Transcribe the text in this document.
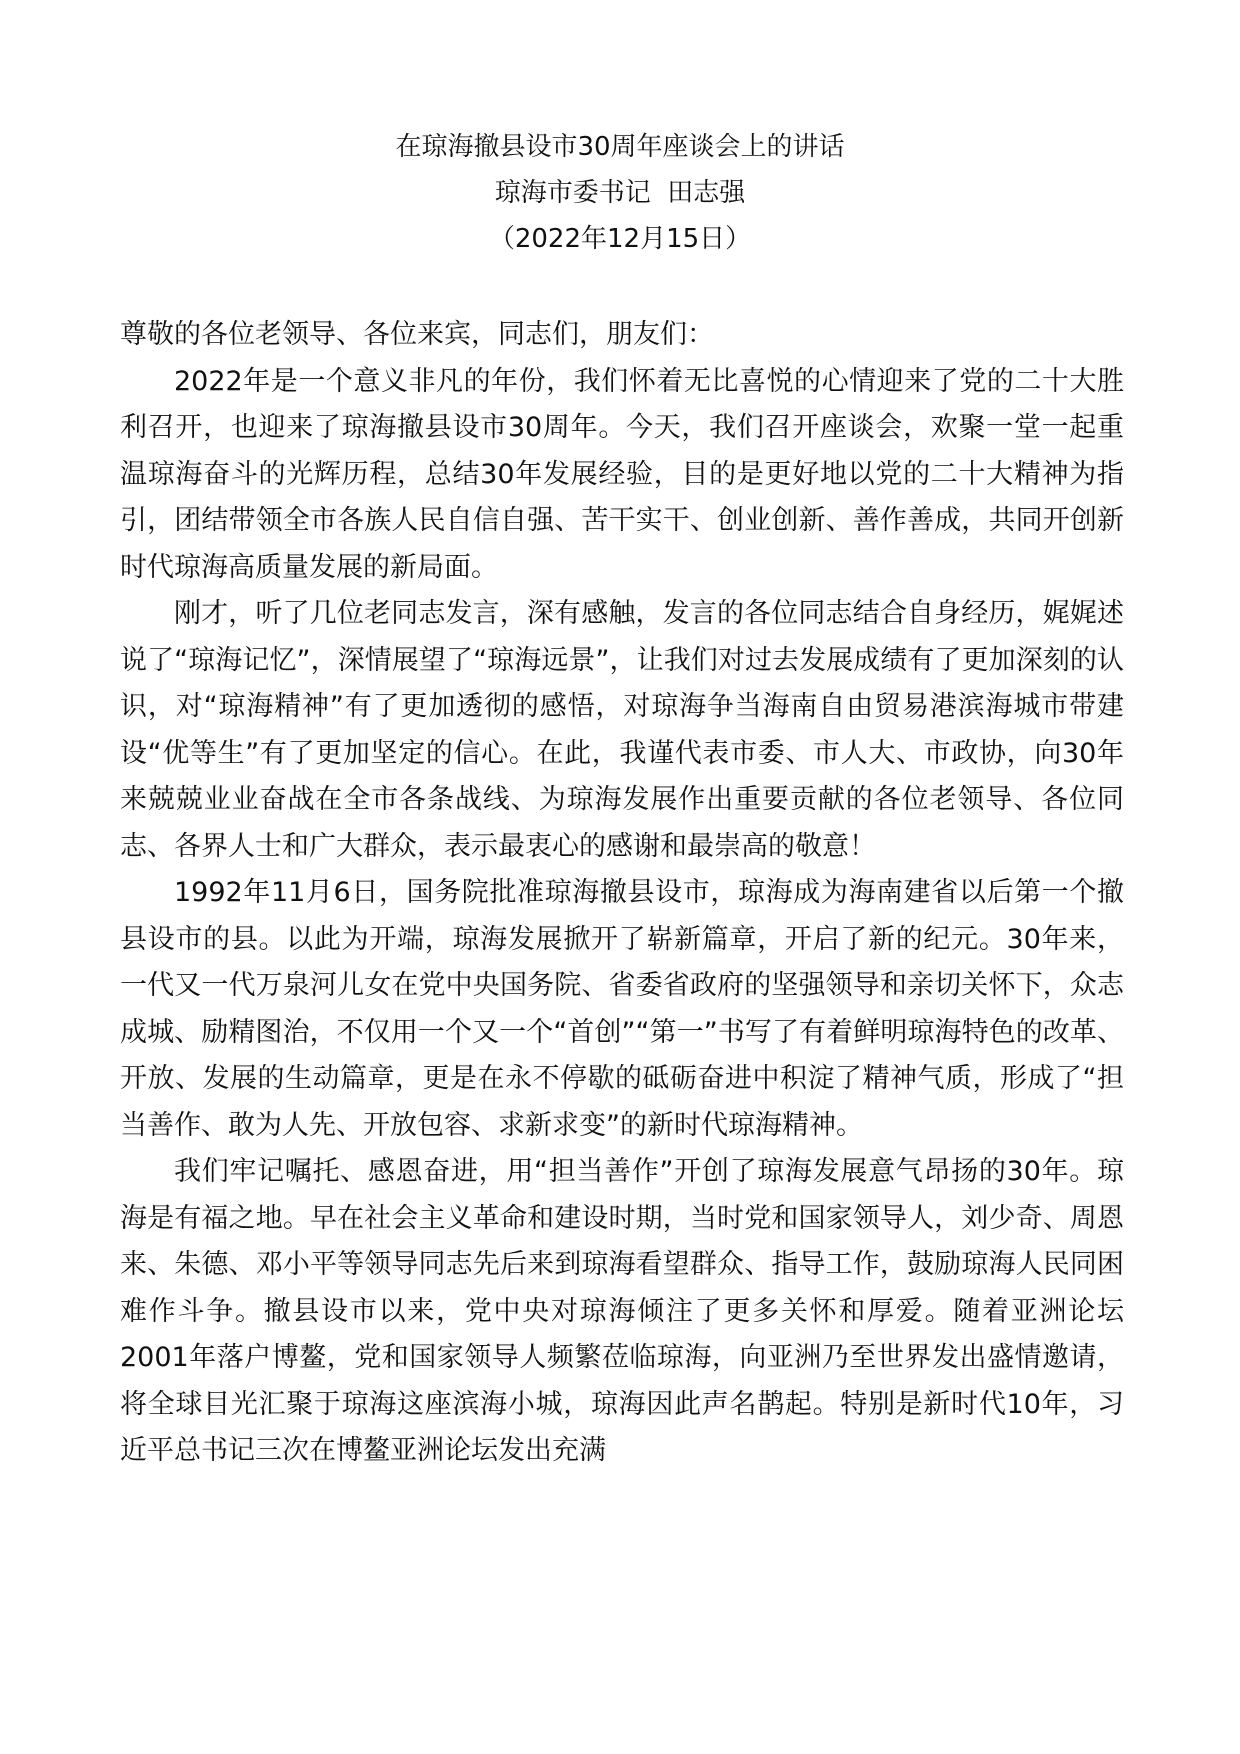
在琼海撤县设市30周年座谈会上的讲话
琼海市委书记  田志强
（2022年12月15日）

尊敬的各位老领导、各位来宾，同志们，朋友们：

2022年是一个意义非凡的年份，我们怀着无比喜悦的心情迎来了党的二十大胜利召开，也迎来了琼海撤县设市30周年。今天，我们召开座谈会，欢聚一堂一起重温琼海奋斗的光辉历程，总结30年发展经验，目的是更好地以党的二十大精神为指引，团结带领全市各族人民自信自强、苦干实干、创业创新、善作善成，共同开创新时代琼海高质量发展的新局面。

刚才，听了几位老同志发言，深有感触，发言的各位同志结合自身经历，娓娓述说了“琼海记忆”，深情展望了“琼海远景”，让我们对过去发展成绩有了更加深刻的认识，对“琼海精神”有了更加透彻的感悟，对琼海争当海南自由贸易港滨海城市带建设“优等生”有了更加坚定的信心。在此，我谨代表市委、市人大、市政协，向30年来兢兢业业奋战在全市各条战线、为琼海发展作出重要贡献的各位老领导、各位同志、各界人士和广大群众，表示最衷心的感谢和最崇高的敬意！

1992年11月6日，国务院批准琼海撤县设市，琼海成为海南建省以后第一个撤县设市的县。以此为开端，琼海发展掀开了崭新篇章，开启了新的纪元。30年来，一代又一代万泉河儿女在党中央国务院、省委省政府的坚强领导和亲切关怀下，众志成城、励精图治，不仅用一个又一个“首创”“第一”书写了有着鲜明琼海特色的改革、开放、发展的生动篇章，更是在永不停歇的砥砺奋进中积淀了精神气质，形成了“担当善作、敢为人先、开放包容、求新求变”的新时代琼海精神。

我们牢记嘱托、感恩奋进，用“担当善作”开创了琼海发展意气昂扬的30年。琼海是有福之地。早在社会主义革命和建设时期，当时党和国家领导人，刘少奇、周恩来、朱德、邓小平等领导同志先后来到琼海看望群众、指导工作，鼓励琼海人民同困难作斗争。撤县设市以来，党中央对琼海倾注了更多关怀和厚爱。随着亚洲论坛2001年落户博鳌，党和国家领导人频繁莅临琼海，向亚洲乃至世界发出盛情邀请，将全球目光汇聚于琼海这座滨海小城，琼海因此声名鹊起。特别是新时代10年，习近平总书记三次在博鳌亚洲论坛发出充满
